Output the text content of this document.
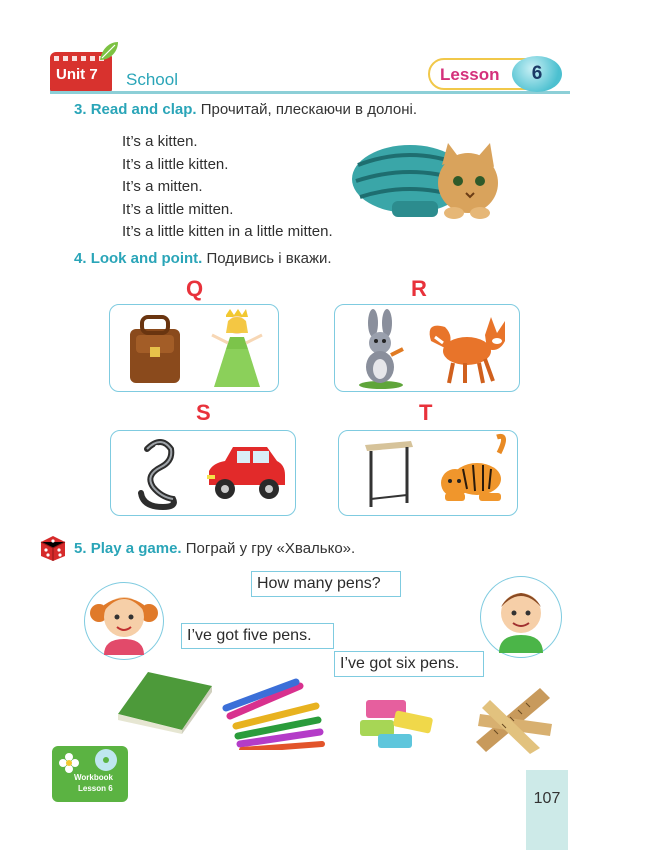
Unit 7 School	Lesson	6
3. Read and clap. Прочитай, плескаючи в долоні.
It’s a kitten.
It’s a little kitten.
It’s a mitten.
It’s a little mitten.
It’s a little kitten in a little mitten.
4. Look and point. Подивись і вкажи.
Q	R
S	T
5. Play a game. Пограй у гру «Хвалько».
How many pens?
I’ve got five pens.
I’ve got six pens.
Workbook
Lesson 6
107
